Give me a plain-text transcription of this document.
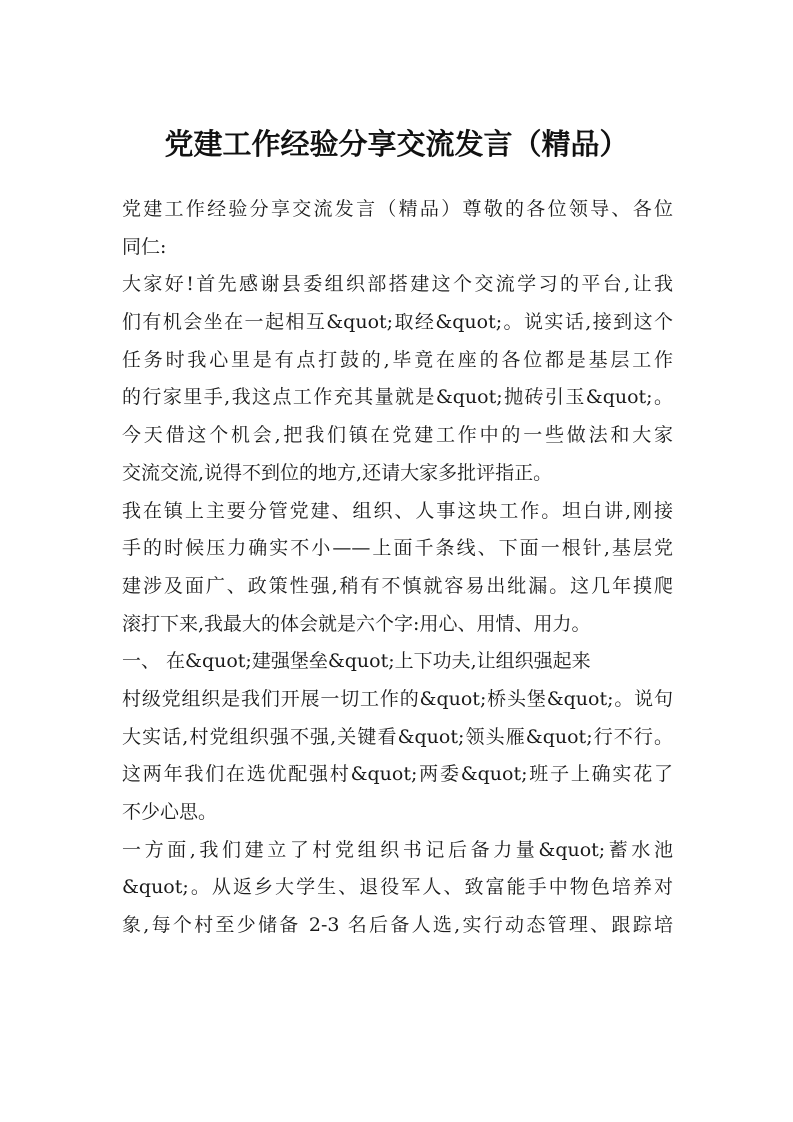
党建工作经验分享交流发言（精品）
党建工作经验分享交流发言（精品）尊敬的各位领导、各位
同仁:
大家好!首先感谢县委组织部搭建这个交流学习的平台,让我
们有机会坐在一起相互&quot;取经&quot;。说实话,接到这个
任务时我心里是有点打鼓的,毕竟在座的各位都是基层工作
的行家里手,我这点工作充其量就是&quot;抛砖引玉&quot;。
今天借这个机会,把我们镇在党建工作中的一些做法和大家
交流交流,说得不到位的地方,还请大家多批评指正。
我在镇上主要分管党建、组织、人事这块工作。坦白讲,刚接
手的时候压力确实不小——上面千条线、下面一根针,基层党
建涉及面广、政策性强,稍有不慎就容易出纰漏。这几年摸爬
滚打下来,我最大的体会就是六个字:用心、用情、用力。
一、 在&quot;建强堡垒&quot;上下功夫,让组织强起来
村级党组织是我们开展一切工作的&quot;桥头堡&quot;。说句
大实话,村党组织强不强,关键看&quot;领头雁&quot;行不行。
这两年我们在选优配强村&quot;两委&quot;班子上确实花了
不少心思。
一方面,我们建立了村党组织书记后备力量&quot;蓄水池
&quot;。从返乡大学生、退役军人、致富能手中物色培养对
象,每个村至少储备 2-3 名后备人选,实行动态管理、跟踪培
